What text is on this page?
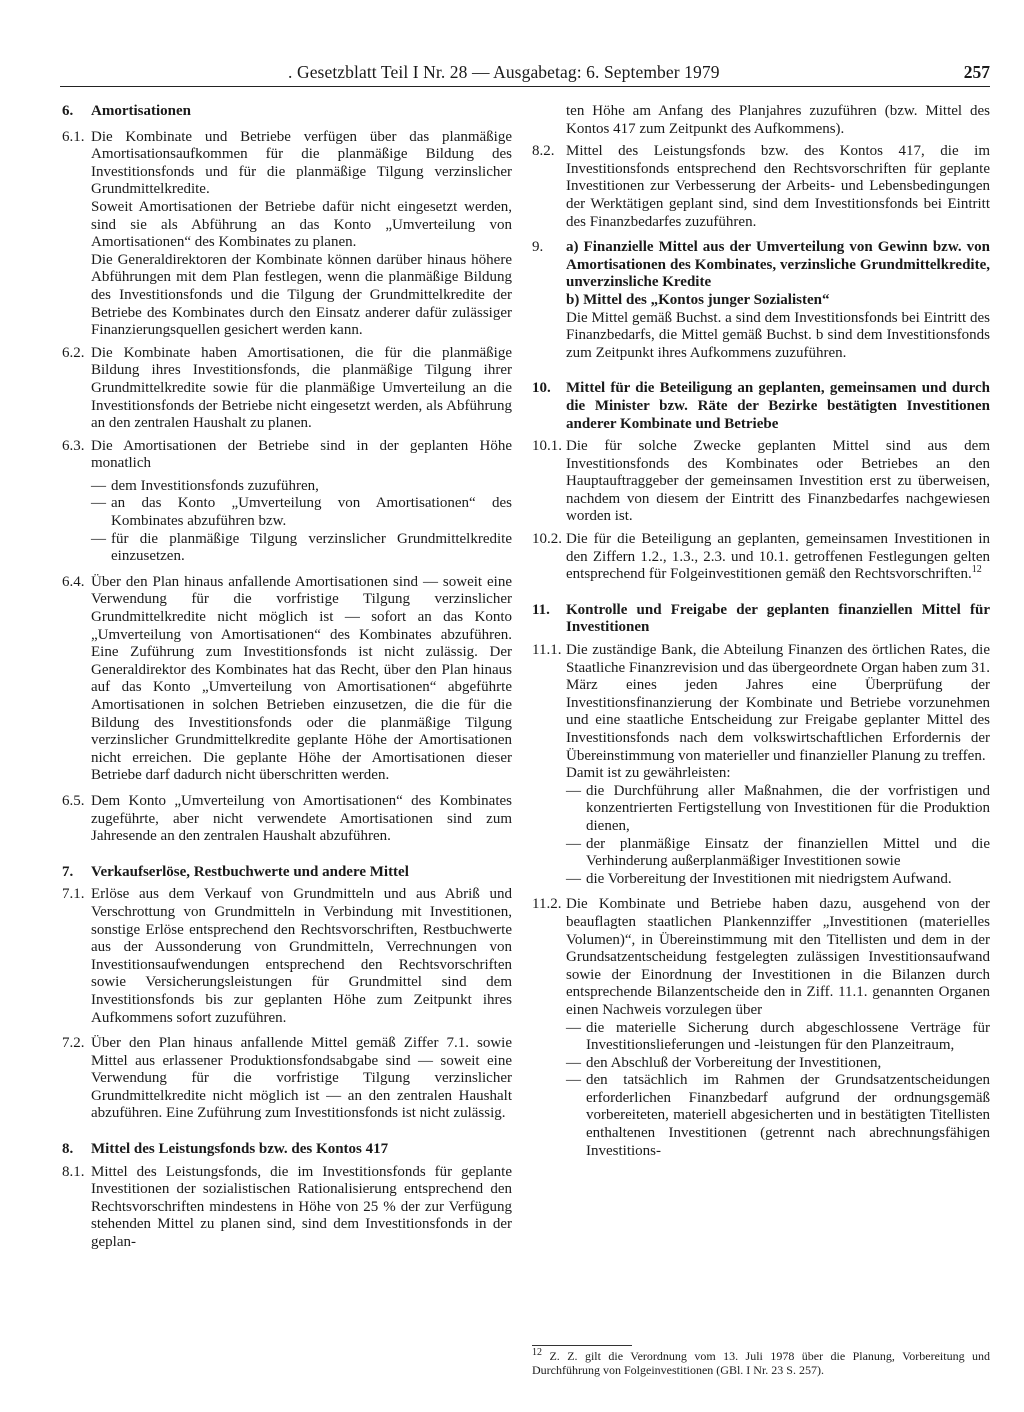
. Gesetzblatt Teil I Nr. 28 — Ausgabetag: 6. September 1979	257
6.	Amortisationen
6.1. Die Kombinate und Betriebe verfügen über das planmäßige Amortisationsaufkommen für die planmäßige Bildung des Investitionsfonds und für die planmäßige Tilgung verzinslicher Grundmittelkredite.

Soweit Amortisationen der Betriebe dafür nicht eingesetzt werden, sind sie als Abführung an das Konto „Umverteilung von Amortisationen“ des Kombinates zu planen.

Die Generaldirektoren der Kombinate können darüber hinaus höhere Abführungen mit dem Plan festlegen, wenn die planmäßige Bildung des Investitionsfonds und die Tilgung der Grundmittelkredite der Betriebe des Kombinates durch den Einsatz anderer dafür zulässiger Finanzierungsquellen gesichert werden kann.

6.2. Die Kombinate haben Amortisationen, die für die planmäßige Bildung ihres Investitionsfonds, die planmäßige Tilgung ihrer Grundmittelkredite sowie für die planmäßige Umverteilung an die Investitionsfonds der Betriebe nicht eingesetzt werden, als Abführung an den zentralen Haushalt zu planen.
6.3. Die Amortisationen der Betriebe sind in der geplanten Höhe monatlich

— dem Investitionsfonds zuzuführen,
— an das Konto „Umverteilung von Amortisationen“ des Kombinates abzuführen bzw.
— für die planmäßige Tilgung verzinslicher Grundmittelkredite einzusetzen.
6.4. Über den Plan hinaus anfallende Amortisationen sind — soweit eine Verwendung für die vorfristige Tilgung verzinslicher Grundmittelkredite nicht möglich ist — sofort an das Konto „Umverteilung von Amortisationen“ des Kombinates abzuführen. Eine Zuführung zum Investitionsfonds ist nicht zulässig. Der Generaldirektor des Kombinates hat das Recht, über den Plan hinaus auf das Konto „Umverteilung von Amortisationen“ abgeführte Amortisationen in solchen Betrieben einzusetzen, die die für die Bildung des Investitionsfonds oder die planmäßige Tilgung verzinslicher Grundmittelkredite geplante Höhe der Amortisationen nicht erreichen. Die geplante Höhe der Amortisationen dieser Betriebe darf dadurch nicht überschritten werden.
6.5. Dem Konto „Umverteilung von Amortisationen“ des Kombinates zugeführte, aber nicht verwendete Amortisationen sind zum Jahresende an den zentralen Haushalt abzuführen.
7.	Verkaufserlöse, Restbuchwerte und andere Mittel
7.1. Erlöse aus dem Verkauf von Grundmitteln und aus Abriß und Verschrottung von Grundmitteln in Verbindung mit Investitionen, sonstige Erlöse entsprechend den Rechtsvorschriften, Restbuchwerte aus der Aussonderung von Grundmitteln, Verrechnungen von Investitionsaufwendungen entsprechend den Rechtsvorschriften sowie Versicherungsleistungen für Grundmittel sind dem Investitionsfonds bis zur geplanten Höhe zum Zeitpunkt ihres Aufkommens sofort zuzuführen.
7.2. Über den Plan hinaus anfallende Mittel gemäß Ziffer 7.1. sowie Mittel aus erlassener Produktionsfondsabgabe sind — soweit eine Verwendung für die vorfristige Tilgung verzinslicher Grundmittelkredite nicht möglich ist — an den zentralen Haushalt abzuführen. Eine Zuführung zum Investitionsfonds ist nicht zulässig.
8.	Mittel des Leistungsfonds bzw. des Kontos 417
8.1. Mittel des Leistungsfonds, die im Investitionsfonds für geplante Investitionen der sozialistischen Rationalisierung entsprechend den Rechtsvorschriften mindestens in Höhe von 25 % der zur Verfügung stehenden Mittel zu planen sind, sind dem Investitionsfonds in der geplan-
ten Höhe am Anfang des Planjahres zuzuführen (bzw. Mittel des Kontos 417 zum Zeitpunkt des Aufkommens).
8.2. Mittel des Leistungsfonds bzw. des Kontos 417, die im Investitionsfonds entsprechend den Rechtsvorschriften für geplante Investitionen zur Verbesserung der Arbeits- und Lebensbedingungen der Werktätigen geplant sind, sind dem Investitionsfonds bei Eintritt des Finanzbedarfes zuzuführen.
9.	a) Finanzielle Mittel aus der Umverteilung von Gewinn bzw. von Amortisationen des Kombinates, verzinsliche Grundmittelkredite, unverzinsliche Kredite

b) Mittel des „Kontos junger Sozialisten“

Die Mittel gemäß Buchst. a sind dem Investitionsfonds bei Eintritt des Finanzbedarfs, die Mittel gemäß Buchst. b sind dem Investitionsfonds zum Zeitpunkt ihres Aufkommens zuzuführen.

10.	Mittel für die Beteiligung an geplanten, gemeinsamen und durch die Minister bzw. Räte der Bezirke bestätigten Investitionen anderer Kombinate und Betriebe
10.1. Die für solche Zwecke geplanten Mittel sind aus dem Investitionsfonds des Kombinates oder Betriebes an den Hauptauftraggeber der gemeinsamen Investition erst zu überweisen, nachdem von diesem der Eintritt des Finanzbedarfes nachgewiesen worden ist.
10.2. Die für die Beteiligung an geplanten, gemeinsamen Investitionen in den Ziffern 1.2., 1.3., 2.3. und 10.1. getroffenen Festlegungen gelten entsprechend für Folgeinvestitionen gemäß den Rechtsvorschriften.$^{12}$
11.	Kontrolle und Freigabe der geplanten finanziellen Mittel für Investitionen
11.1. Die zuständige Bank, die Abteilung Finanzen des örtlichen Rates, die Staatliche Finanzrevision und das übergeordnete Organ haben zum 31. März eines jeden Jahres eine Überprüfung der Investitionsfinanzierung der Kombinate und Betriebe vorzunehmen und eine staatliche Entscheidung zur Freigabe geplanter Mittel des Investitionsfonds nach dem volkswirtschaftlichen Erfordernis der Übereinstimmung von materieller und finanzieller Planung zu treffen.

Damit ist zu gewährleisten:

— die Durchführung aller Maßnahmen, die der vorfristigen und konzentrierten Fertigstellung von Investitionen für die Produktion dienen,
— der planmäßige Einsatz der finanziellen Mittel und die Verhinderung außerplanmäßiger Investitionen sowie
— die Vorbereitung der Investitionen mit niedrigstem Aufwand.
11.2. Die Kombinate und Betriebe haben dazu, ausgehend von der beauflagten staatlichen Plankennziffer „Investitionen (materielles Volumen)“, in Übereinstimmung mit den Titellisten und dem in der Grundsatzentscheidung festgelegten zulässigen Investitionsaufwand sowie der Einordnung der Investitionen in die Bilanzen durch entsprechende Bilanzentscheide den in Ziff. 11.1. genannten Organen einen Nachweis vorzulegen über

— die materielle Sicherung durch abgeschlossene Verträge für Investitionslieferungen und -leistungen für den Planzeitraum,
— den Abschluß der Vorbereitung der Investitionen,
— den tatsächlich im Rahmen der Grundsatzentscheidungen erforderlichen Finanzbedarf aufgrund der ordnungsgemäß vorbereiteten, materiell abgesicherten und in bestätigten Titellisten enthaltenen Investitionen (getrennt nach abrechnungsfähigen Investitions-
$^{12}$ Z. Z. gilt die Verordnung vom 13. Juli 1978 über die Planung, Vorbereitung und Durchführung von Folgeinvestitionen (GBl. I Nr. 23 S. 257).
